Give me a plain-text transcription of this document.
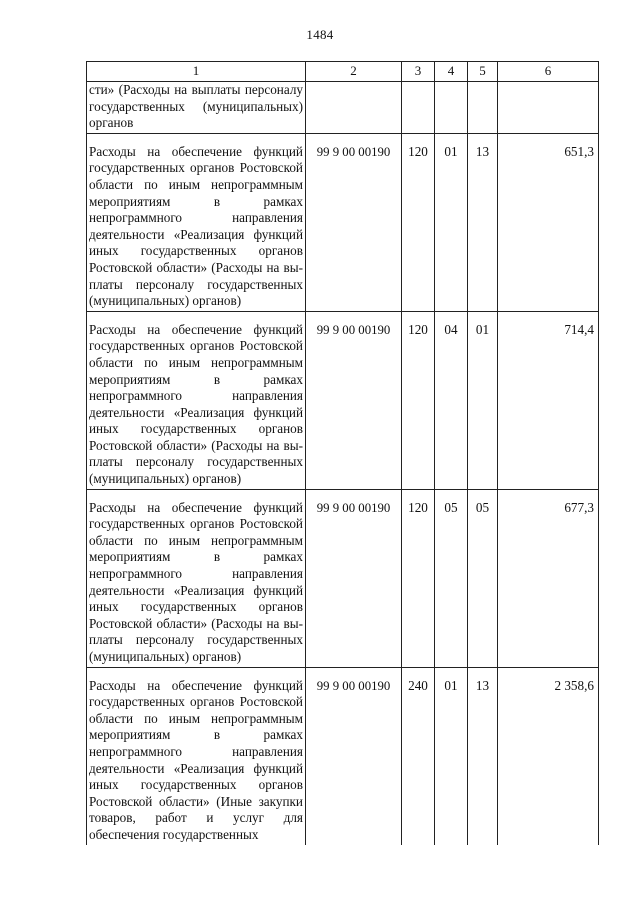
1484
1	2	3	4	5	6
сти» (Расходы на выплаты персоналу государственных (муниципальных) органов					
Расходы на обеспечение функций государственных органов Ростовской области по иным непрограммным мероприятиям в рамках непрограммного направления деятельности «Реализация функций иных государственных органов Ростовской области» (Расходы на выплаты персоналу государственных (муниципальных) органов)	99 9 00 00190	120	01	13	651,3
Расходы на обеспечение функций государственных органов Ростовской области по иным непрограммным мероприятиям в рамках непрограммного направления деятельности «Реализация функций иных государственных органов Ростовской области» (Расходы на выплаты персоналу государственных (муниципальных) органов)	99 9 00 00190	120	04	01	714,4
Расходы на обеспечение функций государственных органов Ростовской области по иным непрограммным мероприятиям в рамках непрограммного направления деятельности «Реализация функций иных государственных органов Ростовской области» (Расходы на выплаты персоналу государственных (муниципальных) органов)	99 9 00 00190	120	05	05	677,3
Расходы на обеспечение функций государственных органов Ростовской области по иным непрограммным мероприятиям в рамках непрограммного направления деятельности «Реализация функций иных государственных органов Ростовской области» (Иные закупки товаров, работ и услуг для обеспечения государственных	99 9 00 00190	240	01	13	2 358,6
